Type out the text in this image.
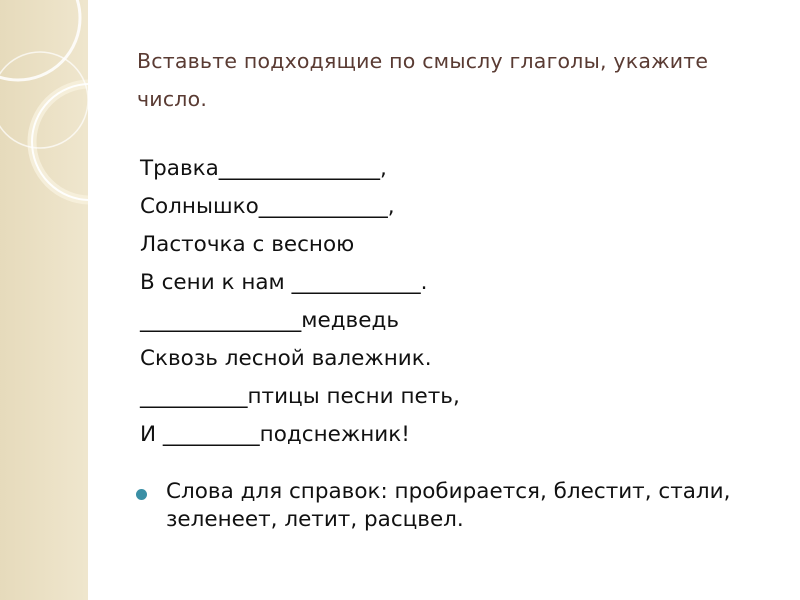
Вставьте подходящие по смыслу глаголы, укажите число.
Травка_______________,
Солнышко____________,
Ласточка с весною
В сени к нам ____________.
_______________медведь
Сквозь лесной валежник.
__________птицы песни петь,
И _________подснежник!
Слова для справок: пробирается, блестит, стали, зеленеет, летит, расцвел.
